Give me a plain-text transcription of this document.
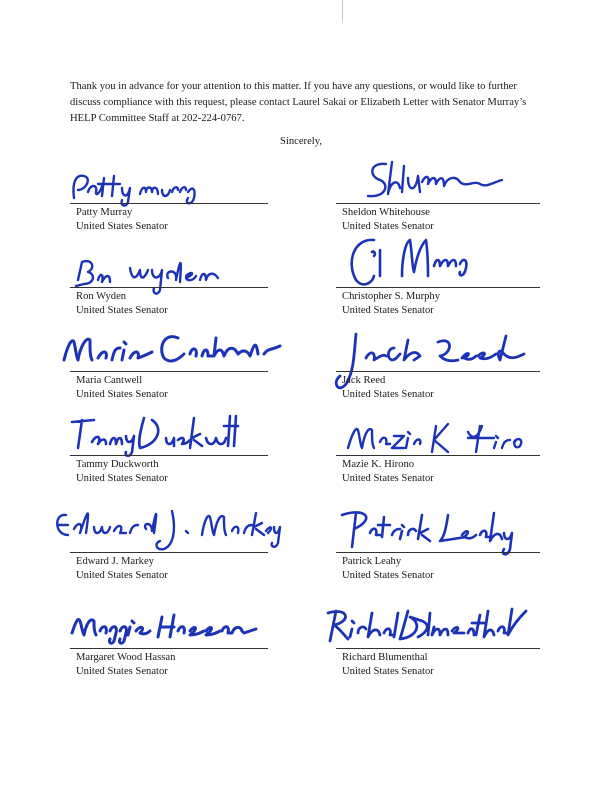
Thank you in advance for your attention to this matter. If you have any questions, or would like to further discuss compliance with this request, please contact Laurel Sakai or Elizabeth Letter with Senator Murray’s HELP Committee Staff at 202-224-0767.

Sincerely,

Patty Murray
United States Senator
Sheldon Whitehouse
United States Senator
Ron Wyden
United States Senator
Christopher S. Murphy
United States Senator
Maria Cantwell
United States Senator
Jack Reed
United States Senator
Tammy Duckworth
United States Senator
Mazie K. Hirono
United States Senator
Edward J. Markey
United States Senator
Patrick Leahy
United States Senator
Margaret Wood Hassan
United States Senator
Richard Blumenthal
United States Senator
